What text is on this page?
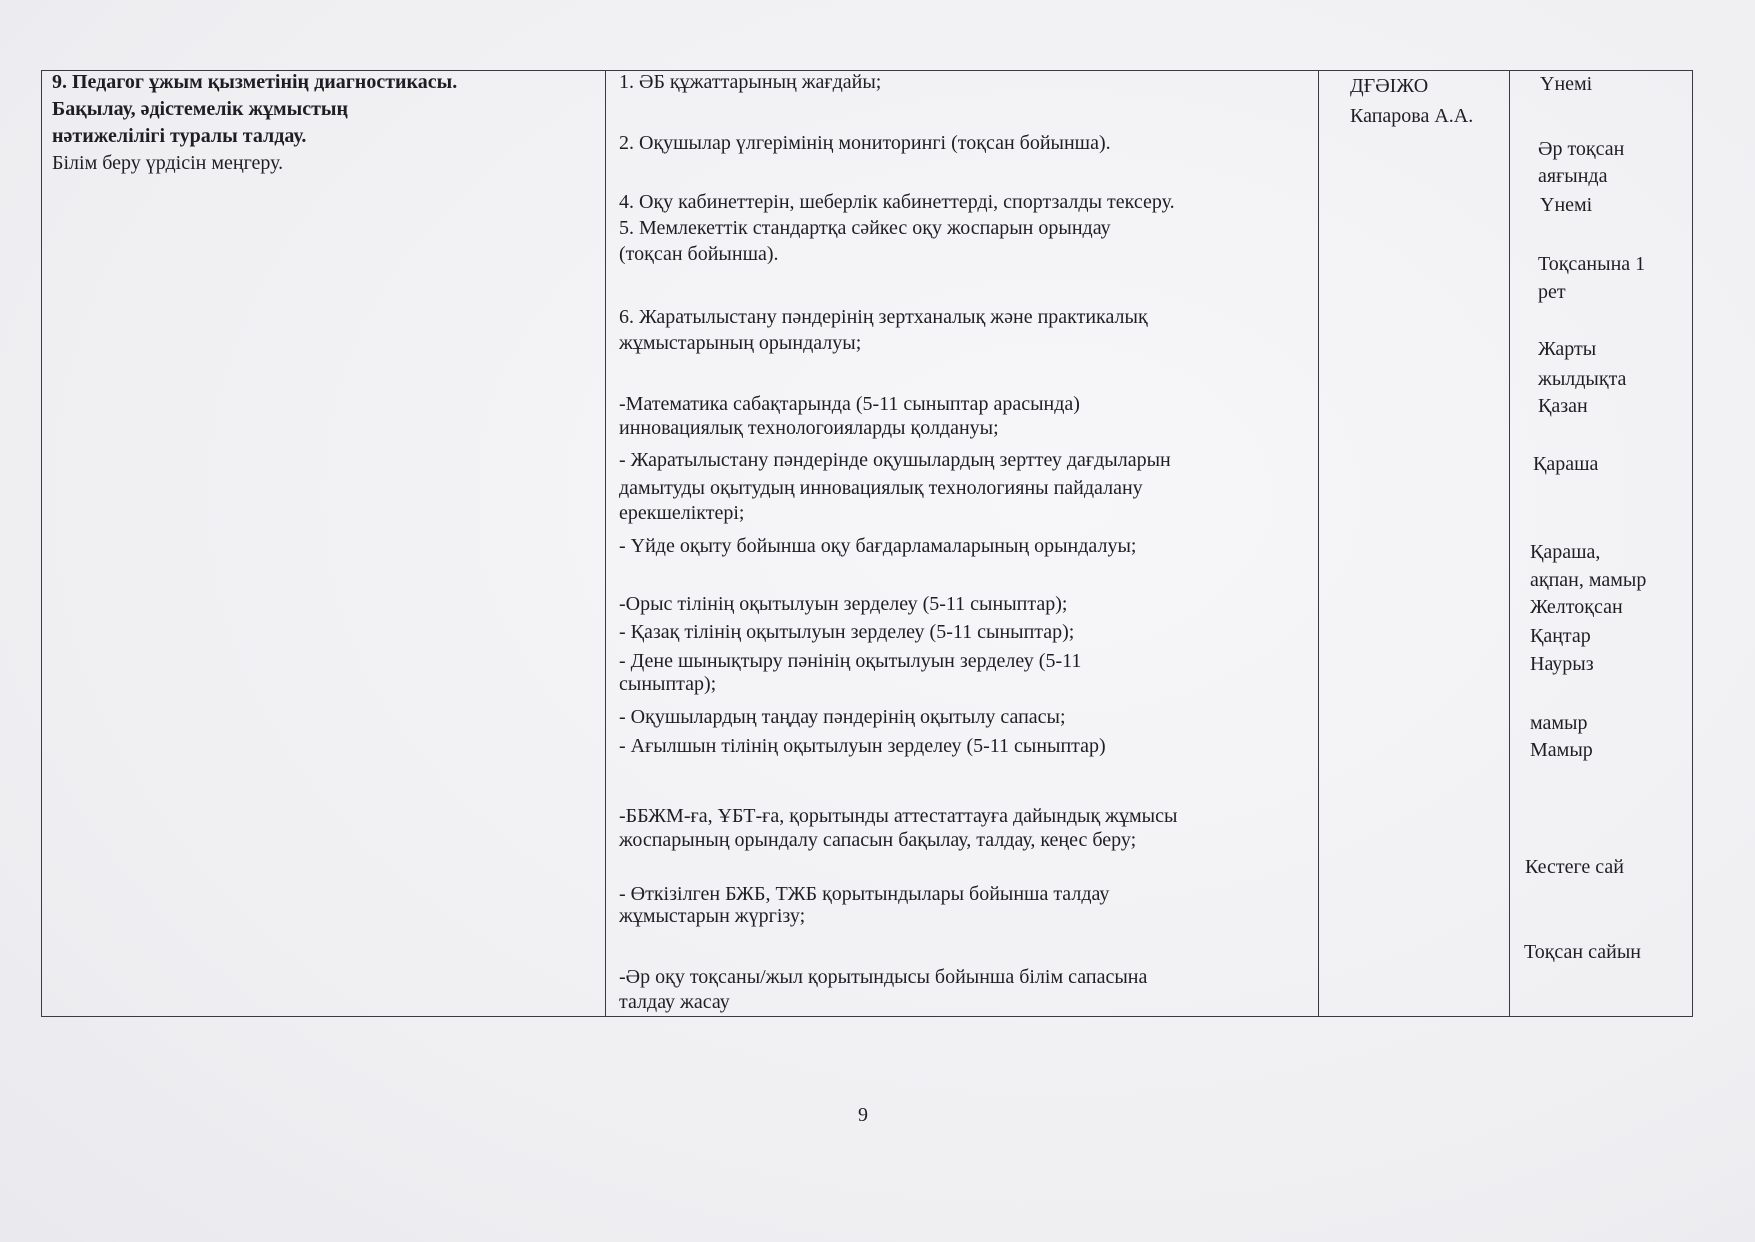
9. Педагог ұжым қызметінің диагностикасы.
Бақылау, әдістемелік жұмыстың
нәтижелілігі туралы талдау.
Білім беру үрдісін меңгеру.
1. ӘБ құжаттарының жағдайы;
2. Оқушылар үлгерімінің мониторингі (тоқсан бойынша).
4. Оқу кабинеттерін, шеберлік кабинеттерді, спортзалды тексеру.
5. Мемлекеттік стандартқа сәйкес оқу жоспарын орындау
(тоқсан бойынша).
6. Жаратылыстану пәндерінің зертханалық және практикалық
жұмыстарының орындалуы;
-Математика сабақтарында (5-11 сыныптар арасында)
инновациялық технологоияларды қолдануы;
- Жаратылыстану пәндерінде оқушылардың зерттеу дағдыларын
дамытуды оқытудың инновациялық технологияны пайдалану
ерекшеліктері;
- Үйде оқыту бойынша оқу бағдарламаларының орындалуы;
-Орыс тілінің оқытылуын зерделеу (5-11 сыныптар);
- Қазақ тілінің оқытылуын зерделеу (5-11 сыныптар);
- Дене шынықтыру пәнінің оқытылуын зерделеу (5-11
сыныптар);
- Оқушылардың таңдау пәндерінің оқытылу сапасы;
- Ағылшын тілінің оқытылуын зерделеу (5-11 сыныптар)
-ББЖМ-ға, ҰБТ-ға, қорытынды аттестаттауға дайындық жұмысы
жоспарының орындалу сапасын бақылау, талдау, кеңес беру;
- Өткізілген БЖБ, ТЖБ қорытындылары бойынша талдау
жұмыстарын жүргізу;
-Әр оқу тоқсаны/жыл қорытындысы бойынша білім сапасына
талдау жасау
ДҒӘІЖО
Капарова А.А.
Үнемі
Әр тоқсан
аяғында
Үнемі
Тоқсанына 1
рет
Жарты
жылдықта
Қазан
Қараша
Қараша,
ақпан, мамыр
Желтоқсан
Қаңтар
Наурыз
мамыр
Мамыр
Кестеге сай
Тоқсан сайын
9
